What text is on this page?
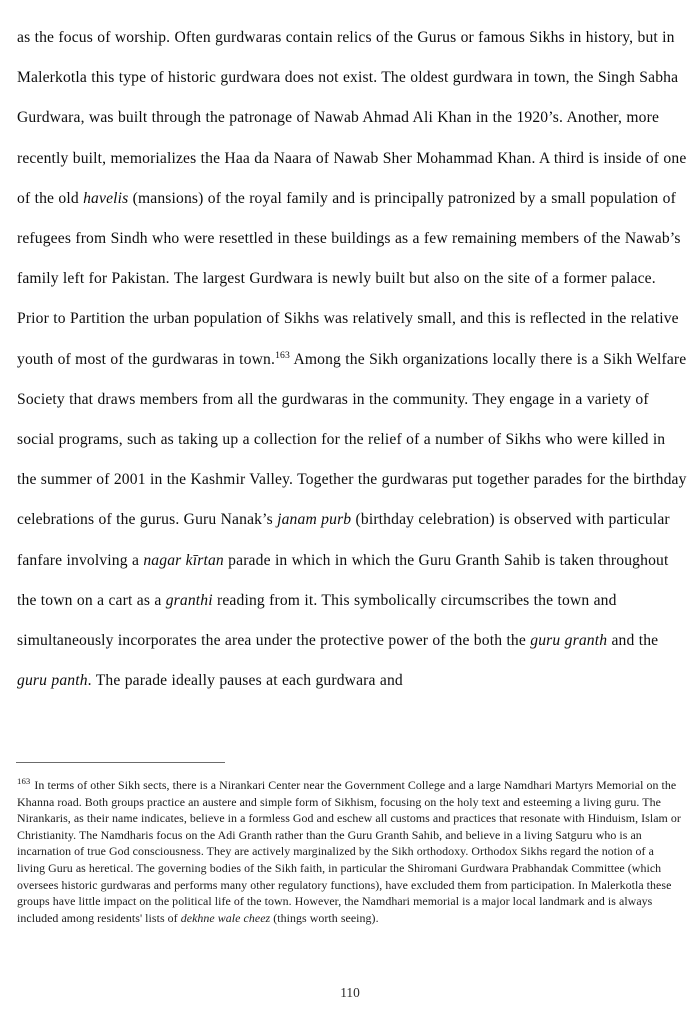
as the focus of worship. Often gurdwaras contain relics of the Gurus or famous Sikhs in history, but in Malerkotla this type of historic gurdwara does not exist. The oldest gurdwara in town, the Singh Sabha Gurdwara, was built through the patronage of Nawab Ahmad Ali Khan in the 1920’s. Another, more recently built, memorializes the Haa da Naara of Nawab Sher Mohammad Khan. A third is inside of one of the old havelis (mansions) of the royal family and is principally patronized by a small population of refugees from Sindh who were resettled in these buildings as a few remaining members of the Nawab’s family left for Pakistan. The largest Gurdwara is newly built but also on the site of a former palace. Prior to Partition the urban population of Sikhs was relatively small, and this is reflected in the relative youth of most of the gurdwaras in town.$^{163}$ Among the Sikh organizations locally there is a Sikh Welfare Society that draws members from all the gurdwaras in the community. They engage in a variety of social programs, such as taking up a collection for the relief of a number of Sikhs who were killed in the summer of 2001 in the Kashmir Valley. Together the gurdwaras put together parades for the birthday celebrations of the gurus. Guru Nanak’s janam purb (birthday celebration) is observed with particular fanfare involving a nagar kīrtan parade in which in which the Guru Granth Sahib is taken throughout the town on a cart as a granthi reading from it. This symbolically circumscribes the town and simultaneously incorporates the area under the protective power of the both the guru granth and the guru panth. The parade ideally pauses at each gurdwara and

$^{163}$ In terms of other Sikh sects, there is a Nirankari Center near the Government College and a large Namdhari Martyrs Memorial on the Khanna road. Both groups practice an austere and simple form of Sikhism, focusing on the holy text and esteeming a living guru. The Nirankaris, as their name indicates, believe in a formless God and eschew all customs and practices that resonate with Hinduism, Islam or Christianity. The Namdharis focus on the Adi Granth rather than the Guru Granth Sahib, and believe in a living Satguru who is an incarnation of true God consciousness. They are actively marginalized by the Sikh orthodoxy. Orthodox Sikhs regard the notion of a living Guru as heretical. The governing bodies of the Sikh faith, in particular the Shiromani Gurdwara Prabhandak Committee (which oversees historic gurdwaras and performs many other regulatory functions), have excluded them from participation. In Malerkotla these groups have little impact on the political life of the town. However, the Namdhari memorial is a major local landmark and is always included among residents' lists of dekhne wale cheez (things worth seeing).

110
